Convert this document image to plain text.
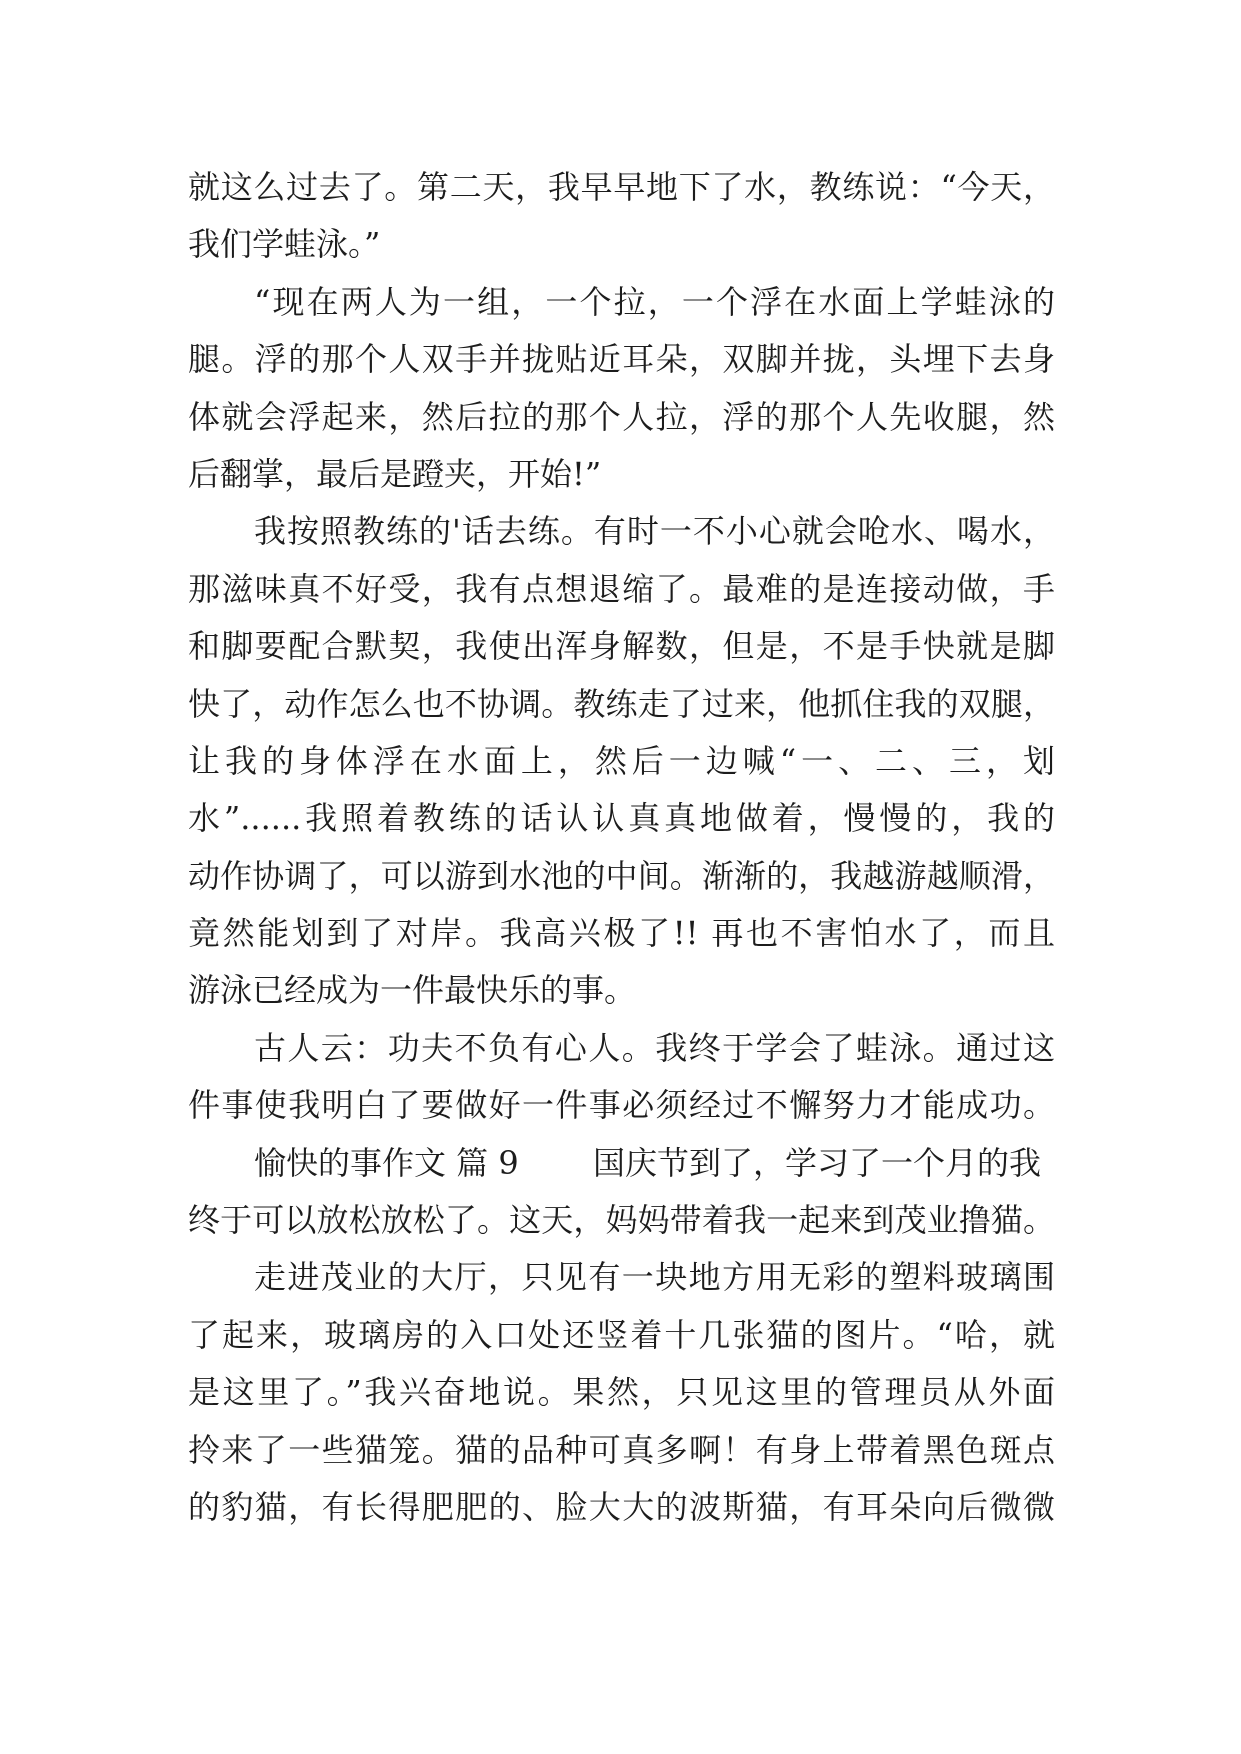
就这么过去了。第二天，我早早地下了水，教练说：“今天，
我们学蛙泳。”
“现在两人为一组，一个拉，一个浮在水面上学蛙泳的
腿。浮的那个人双手并拢贴近耳朵，双脚并拢，头埋下去身
体就会浮起来，然后拉的那个人拉，浮的那个人先收腿，然
后翻掌，最后是蹬夹，开始!”
我按照教练的'话去练。有时一不小心就会呛水、喝水，
那滋味真不好受，我有点想退缩了。最难的是连接动做，手
和脚要配合默契，我使出浑身解数，但是，不是手快就是脚
快了，动作怎么也不协调。教练走了过来，他抓住我的双腿，
让我的身体浮在水面上，然后一边喊“一、二、三，划
水”......我照着教练的话认认真真地做着，慢慢的，我的
动作协调了，可以游到水池的中间。渐渐的，我越游越顺滑，
竟然能划到了对岸。我高兴极了!! 再也不害怕水了，而且
游泳已经成为一件最快乐的事。
古人云：功夫不负有心人。我终于学会了蛙泳。通过这
件事使我明白了要做好一件事必须经过不懈努力才能成功。
愉快的事作文 篇 9 国庆节到了，学习了一个月的我
终于可以放松放松了。这天，妈妈带着我一起来到茂业撸猫。
走进茂业的大厅，只见有一块地方用无彩的塑料玻璃围
了起来，玻璃房的入口处还竖着十几张猫的图片。“哈，就
是这里了。”我兴奋地说。果然，只见这里的管理员从外面
拎来了一些猫笼。猫的品种可真多啊！有身上带着黑色斑点
的豹猫，有长得肥肥的、脸大大的波斯猫，有耳朵向后微微
